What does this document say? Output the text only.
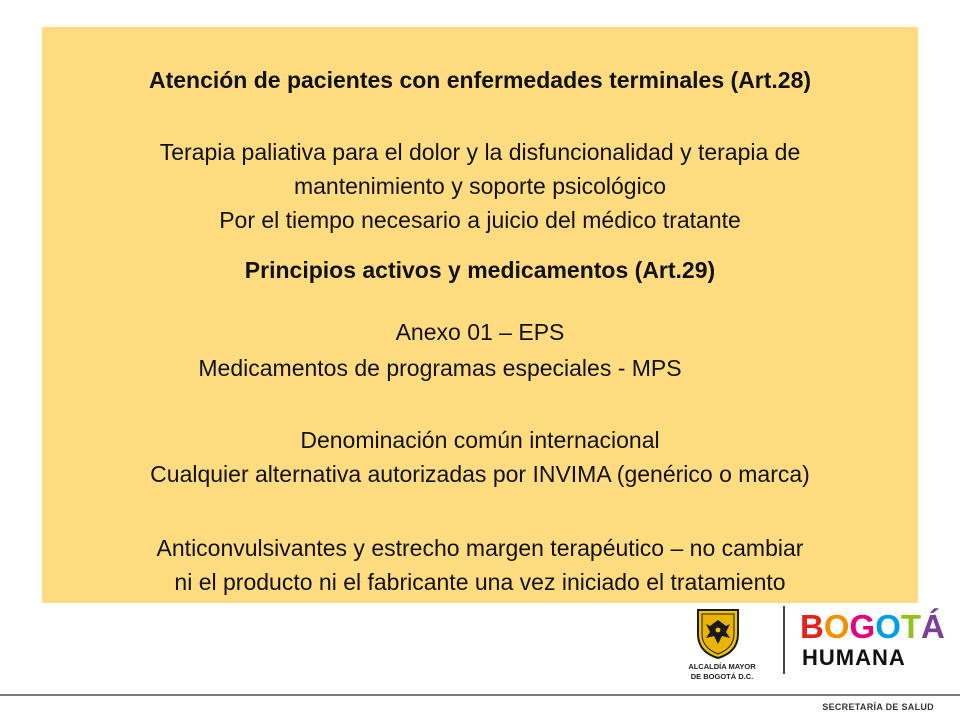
Atención de pacientes con enfermedades terminales (Art.28)
Terapia paliativa para el dolor y la disfuncionalidad y terapia de
mantenimiento y soporte psicológico
Por el tiempo necesario a juicio del médico tratante
Principios activos y medicamentos (Art.29)
Anexo 01 – EPS
Medicamentos de programas especiales - MPS
Denominación común internacional
Cualquier alternativa autorizadas por INVIMA (genérico o marca)
Anticonvulsivantes y estrecho margen terapéutico – no cambiar
ni el producto ni el fabricante una vez iniciado el tratamiento
ALCALDÍA MAYOR
DE BOGOTÁ D.C.
BOGOTÁ
HUMANA
SECRETARÍA DE SALUD
